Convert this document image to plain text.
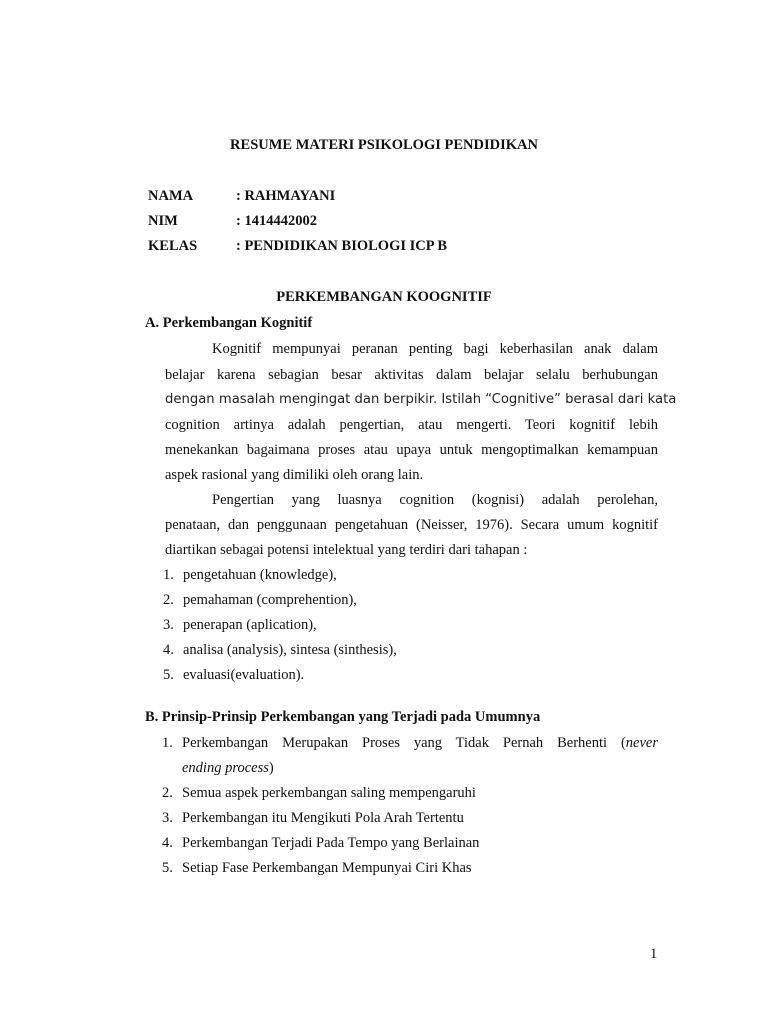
RESUME MATERI PSIKOLOGI PENDIDIKAN
NAMA	: RAHMAYANI
NIM	: 1414442002
KELAS	: PENDIDIKAN BIOLOGI ICP B
PERKEMBANGAN KOOGNITIF
A. Perkembangan Kognitif
Kognitif mempunyai peranan penting bagi keberhasilan anak dalam
belajar karena sebagian besar aktivitas dalam belajar selalu berhubungan
dengan masalah mengingat dan berpikir. Istilah “Cognitive” berasal dari kata
cognition artinya adalah pengertian, atau mengerti. Teori kognitif lebih
menekankan bagaimana proses atau upaya untuk mengoptimalkan kemampuan
aspek rasional yang dimiliki oleh orang lain.
Pengertian yang luasnya cognition (kognisi) adalah perolehan,
penataan, dan penggunaan pengetahuan (Neisser, 1976). Secara umum kognitif
diartikan sebagai potensi intelektual yang terdiri dari tahapan :
1. pengetahuan (knowledge),
2. pemahaman (comprehention),
3. penerapan (aplication),
4. analisa (analysis), sintesa (sinthesis),
5. evaluasi(evaluation).
B. Prinsip-Prinsip Perkembangan yang Terjadi pada Umumnya
1. Perkembangan Merupakan Proses yang Tidak Pernah Berhenti (never
ending process)
2. Semua aspek perkembangan saling mempengaruhi
3. Perkembangan itu Mengikuti Pola Arah Tertentu
4. Perkembangan Terjadi Pada Tempo yang Berlainan
5. Setiap Fase Perkembangan Mempunyai Ciri Khas
1
